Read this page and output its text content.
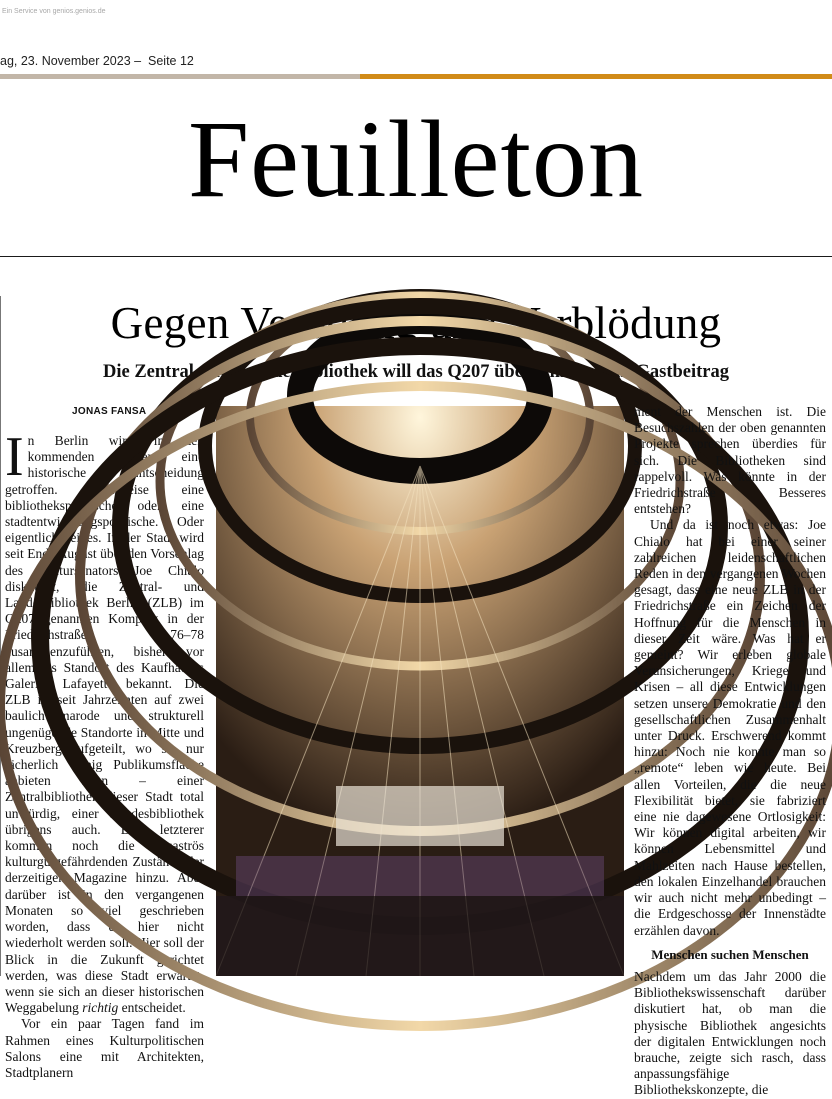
Ein Service von genios.genios.de
ag, 23. November 2023 –  Seite 12
Feuilleton
Gegen Verödung und Verblödung
Die Zentral- und Landesbibliothek will das Q207 übernehmen. Ein Gastbeitrag
JONAS FANSA

In Berlin wird in den kommenden Tagen eine historische Entscheidung getroffen. Wahlweise eine bibliothekspolitische oder eine stadtentwicklungspolitische. Oder eigentlich beides. In der Stadt wird seit Ende August über den Vorschlag des Kultursenators Joe Chialo diskutiert, die Zentral- und Landesbibliothek Berlin (ZLB) im Q207 genannten Komplex in der Friedrichstraße 76–78 zusammenzuführen, bisher vor allem als Standort des Kaufhauses Galeries Lafayette bekannt. Die ZLB ist seit Jahrzehnten auf zwei baulich marode und strukturell ungenügende Standorte in Mitte und Kreuzberg aufgeteilt, wo sie nur lächerlich wenig Publikumsfläche anbieten kann – einer Zentralbibliothek dieser Stadt total unwürdig, einer Landesbibliothek übrigens auch. Bei letzterer kommen noch die desaströs kulturgutgefährdenden Zustände der derzeitigen Magazine hinzu. Aber darüber ist in den vergangenen Monaten so viel geschrieben worden, dass es hier nicht wiederholt werden soll. Hier soll der Blick in die Zukunft gerichtet werden, was diese Stadt erwartet, wenn sie sich an dieser historischen Weggabelung richtig entscheidet.

Vor ein paar Tagen fand im Rahmen eines Kulturpolitischen Salons eine mit Architekten, Stadtplanern

ment der Menschen ist. Die Besuchszahlen der oben genannten Projekte sprechen überdies für sich. Die Bibliotheken sind rappelvoll. Was könnte in der Friedrichstraße Besseres entstehen?

Und da ist noch etwas: Joe Chialo hat bei einer seiner zahlreichen leidenschaftlichen Reden in den vergangenen Wochen gesagt, dass eine neue ZLB in der Friedrichstraße ein Zeichen der Hoffnung für die Menschen in dieser Zeit wäre. Was hat er gemeint? Wir erleben globale Verunsicherungen, Kriege und Krisen – all diese Entwicklungen setzen unsere Demokratie und den gesellschaftlichen Zusammenhalt unter Druck. Erschwerend kommt hinzu: Noch nie konnte man so „remote“ leben wie heute. Bei allen Vorteilen, die die neue Flexibilität bietet, sie fabriziert eine nie dagewesene Ortlosigkeit: Wir können digital arbeiten, wir können Lebensmittel und Mahlzeiten nach Hause bestellen, den lokalen Einzelhandel brauchen wir auch nicht mehr unbedingt – die Erdgeschosse der Innenstädte erzählen davon.

Menschen suchen Menschen

Nachdem um das Jahr 2000 die Bibliothekswissenschaft darüber diskutiert hat, ob man die physische Bibliothek angesichts der digitalen Entwicklungen noch brauche, zeigte sich rasch, dass anpassungsfähige Bibliothekskonzepte, die
